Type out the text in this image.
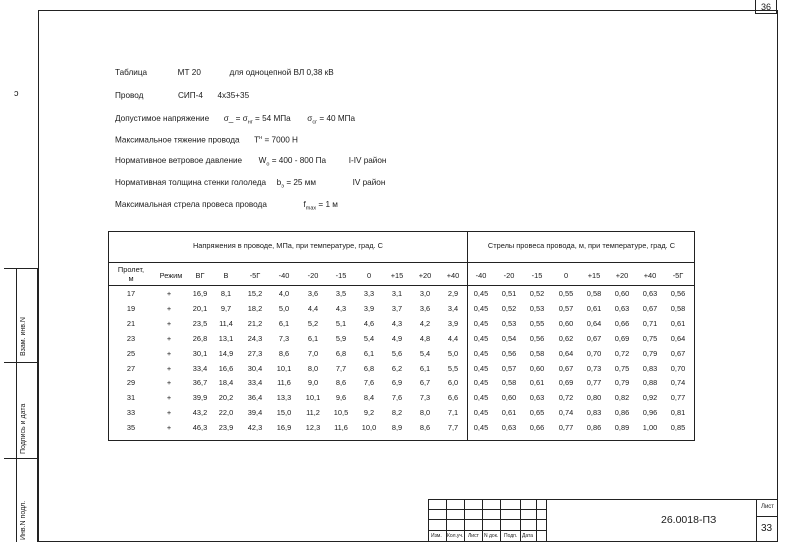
36
Инв.N подл.
Подпись и дата
Взам. инв.N
ͻ
Таблица	МТ 20	для одноцепной ВЛ 0,38 кВ
Провод	СИП-4 4х35+35
Допустимое напряжение σ_ = $\sigma_{нг} = 54$ МПа $\sigma_{сг} = 40$ МПа
Максимальное тяжение провода $T^н = 7000$ Н
Нормативное ветровое давление $W_о = 400 - 800$ Па	I-IV район
Нормативная толщина стенки гололеда $b_э = 25$ мм	IV район
Максимальная стрела провеса провода	$f_{max} = 1$ м
Напряжения в проводе, МПа, при температуре, град. С	Стрелы провеса провода, м, при температуре, град. С
Пролет,
м	Режим	ВГ	В	-5Г	-40	-20	-15	0	+15	+20	+40	-40	-20	-15	0	+15	+20	+40	-5Г
17	+	16,9	8,1	15,2	4,0	3,6	3,5	3,3	3,1	3,0	2,9	0,45	0,51	0,52	0,55	0,58	0,60	0,63	0,56
19	+	20,1	9,7	18,2	5,0	4,4	4,3	3,9	3,7	3,6	3,4	0,45	0,52	0,53	0,57	0,61	0,63	0,67	0,58
21	+	23,5	11,4	21,2	6,1	5,2	5,1	4,6	4,3	4,2	3,9	0,45	0,53	0,55	0,60	0,64	0,66	0,71	0,61
23	+	26,8	13,1	24,3	7,3	6,1	5,9	5,4	4,9	4,8	4,4	0,45	0,54	0,56	0,62	0,67	0,69	0,75	0,64
25	+	30,1	14,9	27,3	8,6	7,0	6,8	6,1	5,6	5,4	5,0	0,45	0,56	0,58	0,64	0,70	0,72	0,79	0,67
27	+	33,4	16,6	30,4	10,1	8,0	7,7	6,8	6,2	6,1	5,5	0,45	0,57	0,60	0,67	0,73	0,75	0,83	0,70
29	+	36,7	18,4	33,4	11,6	9,0	8,6	7,6	6,9	6,7	6,0	0,45	0,58	0,61	0,69	0,77	0,79	0,88	0,74
31	+	39,9	20,2	36,4	13,3	10,1	9,6	8,4	7,6	7,3	6,6	0,45	0,60	0,63	0,72	0,80	0,82	0,92	0,77
33	+	43,2	22,0	39,4	15,0	11,2	10,5	9,2	8,2	8,0	7,1	0,45	0,61	0,65	0,74	0,83	0,86	0,96	0,81
35	+	46,3	23,9	42,3	16,9	12,3	11,6	10,0	8,9	8,6	7,7	0,45	0,63	0,66	0,77	0,86	0,89	1,00	0,85
Изм. Кол.уч. Лист N док. Подп. Дата
26.0018-ПЗ
Лист
33
